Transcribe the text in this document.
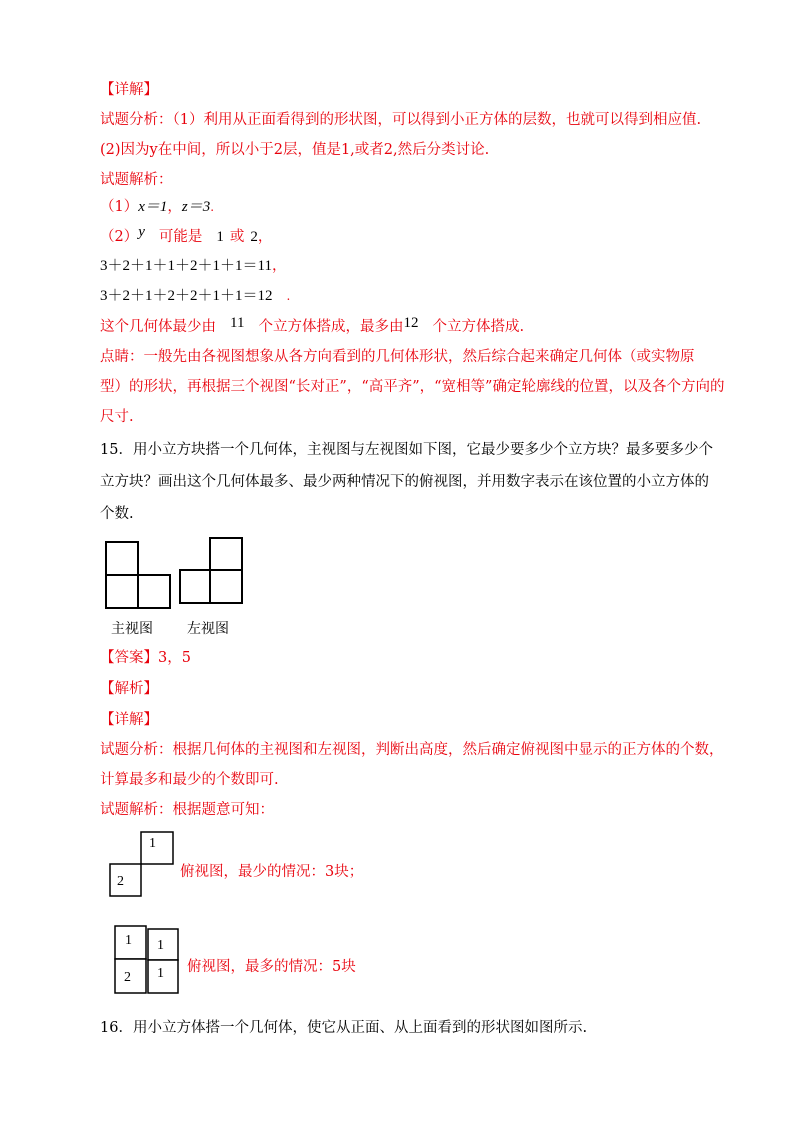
【详解】
试题分析：（1）利用从正面看得到的形状图，可以得到小正方体的层数，也就可以得到相应值.
(2)因为y在中间，所以小于2层，值是1,或者2,然后分类讨论.
试题解析：
（1）x＝1，z＝3.
（2）y 可能是 1 或 2，
3＋2＋1＋1＋2＋1＋1＝11，
3＋2＋1＋2＋2＋1＋1＝12 .
这个几何体最少由 11 个立方体搭成，最多由12 个立方体搭成.
点睛：一般先由各视图想象从各方向看到的几何体形状，然后综合起来确定几何体（或实物原
型）的形状，再根据三个视图“长对正”，“高平齐”，“宽相等”确定轮廓线的位置，以及各个方向的
尺寸.
15．用小立方块搭一个几何体，主视图与左视图如下图，它最少要多少个立方块？最多要多少个
立方块？画出这个几何体最多、最少两种情况下的俯视图，并用数字表示在该位置的小立方体的
个数.
主视图 左视图
【答案】3，5
【解析】
【详解】
试题分析：根据几何体的主视图和左视图，判断出高度，然后确定俯视图中显示的正方体的个数，
计算最多和最少的个数即可.
试题解析：根据题意可知：
1
2
俯视图，最少的情况：3块；
1 1
2 1 俯视图，最多的情况：5块
16．用小立方体搭一个几何体，使它从正面、从上面看到的形状图如图所示.
